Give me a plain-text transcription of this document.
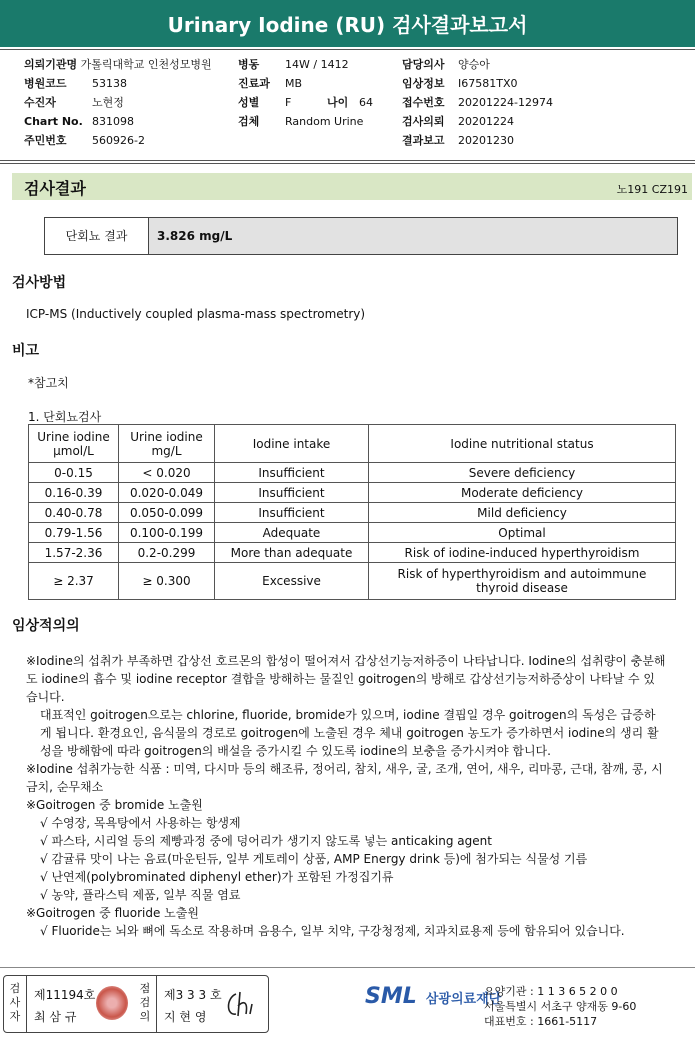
Urinary Iodine (RU) 검사결과보고서
의뢰기관명 가톨릭대학교 인천성모병원
병원코드 53138
수진자	노현정
Chart No. 831098
주민번호 560926-2
병동 14W / 1412
진료과 MB
성별 F	나이 64
검체 Random Urine
담당의사 양승아
임상정보 I67581TX0
접수번호 20201224-12974
검사의뢰 20201224
결과보고 20201230
검사결과	노191 CZ191
단회뇨 결과	3.826 mg/L
검사방법
ICP-MS (Inductively coupled plasma-mass spectrometry)
비고
*참고치
1. 단회뇨검사
Urine iodine
μmol/L	Urine iodine
mg/L	Iodine intake	Iodine nutritional status
0-0.15	< 0.020	Insufficient	Severe deficiency
0.16-0.39	0.020-0.049	Insufficient	Moderate deficiency
0.40-0.78	0.050-0.099	Insufficient	Mild deficiency
0.79-1.56	0.100-0.199	Adequate	Optimal
1.57-2.36	0.2-0.299	More than adequate	Risk of iodine-induced hyperthyroidism
≥ 2.37	≥ 0.300	Excessive	Risk of hyperthyroidism and autoimmune
thyroid disease
임상적의의

※Iodine의 섭취가 부족하면 갑상선 호르몬의 합성이 떨어져서 갑상선기능저하증이 나타납니다. Iodine의 섭취량이 충분해도 iodine의 흡수 및 iodine receptor 결합을 방해하는 물질인 goitrogen의 방해로 갑상선기능저하증상이 나타날 수 있습니다.

대표적인 goitrogen으로는 chlorine, fluoride, bromide가 있으며, iodine 결핍일 경우 goitrogen의 독성은 급증하게 됩니다. 환경요인, 음식물의 경로로 goitrogen에 노출된 경우 체내 goitrogen 농도가 증가하면서 iodine의 생리 활성을 방해함에 따라 goitrogen의 배설을 증가시킬 수 있도록 iodine의 보충을 증가시켜야 합니다.

※Iodine 섭취가능한 식품 : 미역, 다시마 등의 해조류, 정어리, 참치, 새우, 굴, 조개, 연어, 새우, 리마콩, 근대, 참깨, 콩, 시금치, 순무채소

※Goitrogen 중 bromide 노출원

√ 수영장, 목욕탕에서 사용하는 항생제

√ 파스타, 시리얼 등의 제빵과정 중에 덩어리가 생기지 않도록 넣는 anticaking agent

√ 감귤류 맛이 나는 음료(마운틴듀, 일부 게토레이 상품, AMP Energy drink 등)에 첨가되는 식물성 기름

√ 난연제(polybrominated diphenyl ether)가 포함된 가정집기류

√ 농약, 플라스틱 제품, 일부 직물 염료

※Goitrogen 중 fluoride 노출원

√ Fluoride는 뇌와 뼈에 독소로 작용하며 음용수, 일부 치약, 구강청정제, 치과치료용제 등에 함유되어 있습니다.

검
사
자
제11194호
최 삼 규
점
검
의
제3 3 3 호
지 현 영
SML 삼광의료재단
요양기관 : 1 1 3 6 5 2 0 0
서울특별시 서초구 양재동 9-60
대표번호 : 1661-5117
